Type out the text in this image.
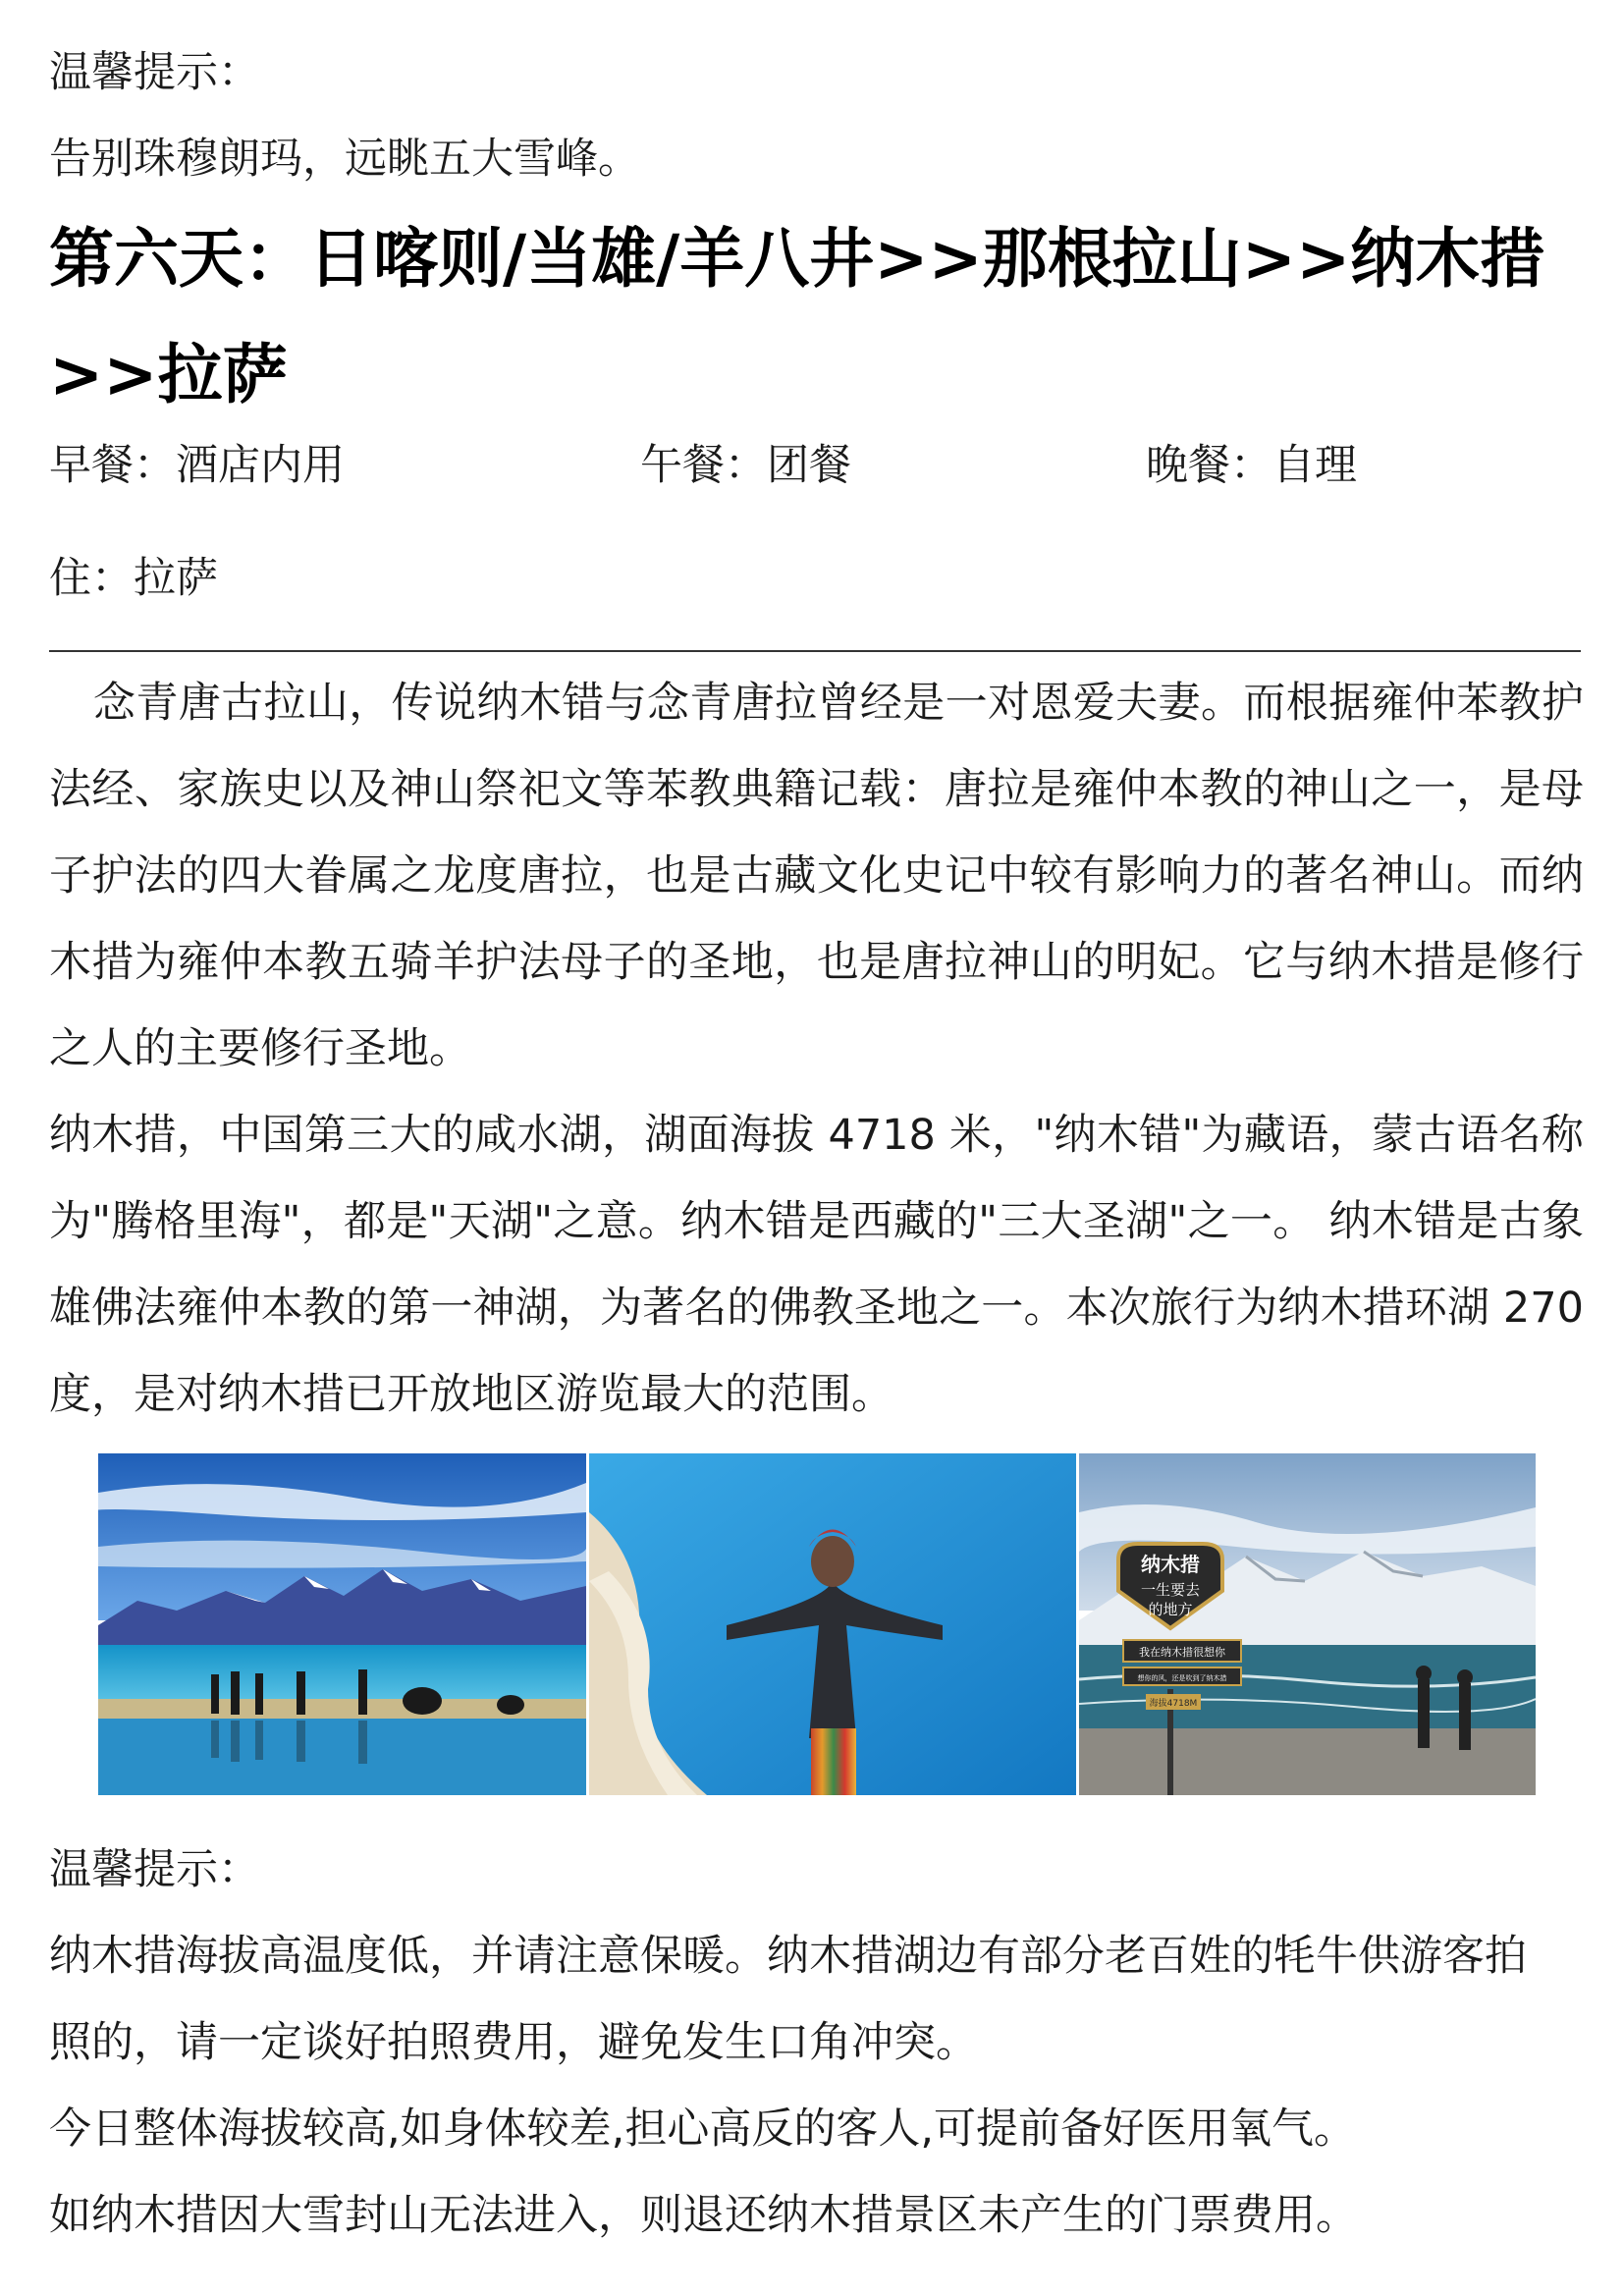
温馨提示：

告别珠穆朗玛，远眺五大雪峰。

第六天：日喀则/当雄/羊八井>>那根拉山>>纳木措>>拉萨

早餐：酒店内用	午餐：团餐	晚餐：自理

住：拉萨

念青唐古拉山，传说纳木错与念青唐拉曾经是一对恩爱夫妻。而根据雍仲苯教护法经、家族史以及神山祭祀文等苯教典籍记载：唐拉是雍仲本教的神山之一，是母子护法的四大眷属之龙度唐拉，也是古藏文化史记中较有影响力的著名神山。而纳木措为雍仲本教五骑羊护法母子的圣地，也是唐拉神山的明妃。它与纳木措是修行之人的主要修行圣地。

纳木措，中国第三大的咸水湖，湖面海拔 4718 米，"纳木错"为藏语，蒙古语名称为"腾格里海"，都是"天湖"之意。纳木错是西藏的"三大圣湖"之一。 纳木错是古象雄佛法雍仲本教的第一神湖，为著名的佛教圣地之一。本次旅行为纳木措环湖 270 度，是对纳木措已开放地区游览最大的范围。

纳木措
一生要去
的地方
我在纳木措很想你
想你的风，还是吹到了纳木措
海拔4718M

温馨提示：

纳木措海拔高温度低，并请注意保暖。纳木措湖边有部分老百姓的牦牛供游客拍

照的，请一定谈好拍照费用，避免发生口角冲突。

今日整体海拔较高,如身体较差,担心高反的客人,可提前备好医用氧气。

如纳木措因大雪封山无法进入，则退还纳木措景区未产生的门票费用。
